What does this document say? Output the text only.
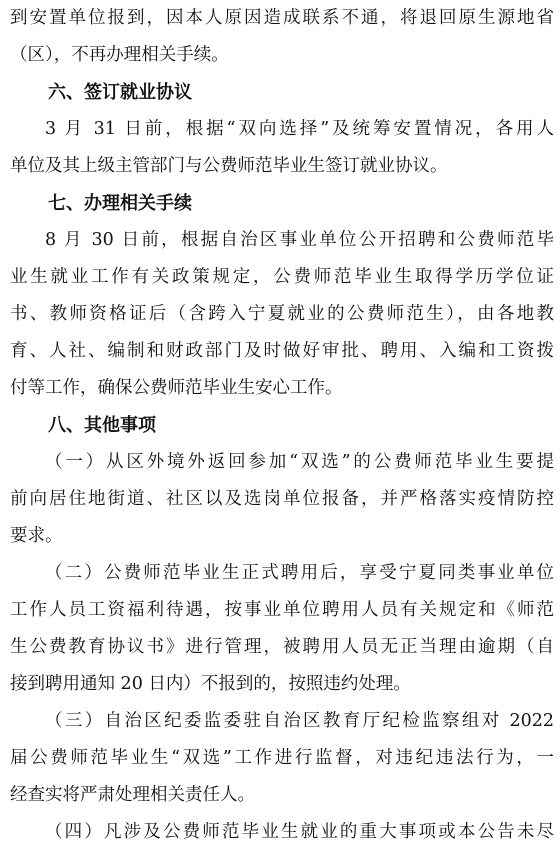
到安置单位报到，因本人原因造成联系不通，将退回原生源地省
（区），不再办理相关手续。
六、签订就业协议
3 月 31 日前，根据“双向选择”及统筹安置情况，各用人
单位及其上级主管部门与公费师范毕业生签订就业协议。
七、办理相关手续
8 月 30 日前，根据自治区事业单位公开招聘和公费师范毕
业生就业工作有关政策规定，公费师范毕业生取得学历学位证
书、教师资格证后（含跨入宁夏就业的公费师范生），由各地教
育、人社、编制和财政部门及时做好审批、聘用、入编和工资拨
付等工作，确保公费师范毕业生安心工作。
八、其他事项
（一）从区外境外返回参加“双选”的公费师范毕业生要提
前向居住地街道、社区以及选岗单位报备，并严格落实疫情防控
要求。
（二）公费师范毕业生正式聘用后，享受宁夏同类事业单位
工作人员工资福利待遇，按事业单位聘用人员有关规定和《师范
生公费教育协议书》进行管理，被聘用人员无正当理由逾期（自
接到聘用通知 20 日内）不报到的，按照违约处理。
（三）自治区纪委监委驻自治区教育厅纪检监察组对 2022
届公费师范毕业生“双选”工作进行监督，对违纪违法行为，一
经查实将严肃处理相关责任人。
（四）凡涉及公费师范毕业生就业的重大事项或本公告未尽
